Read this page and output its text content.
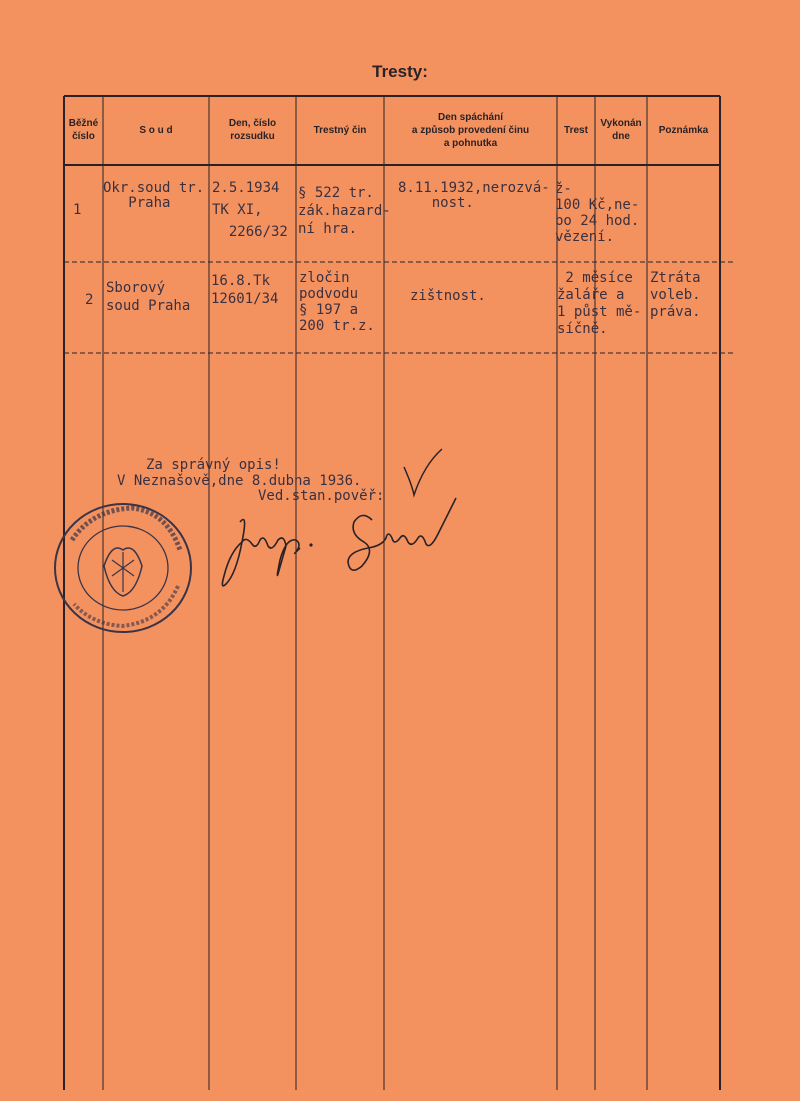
Tresty:
Běžné
číslo
S o u d
Den, číslo
rozsudku
Trestný čin
Den spáchání
a způsob provedení činu
a pohnutka
Trest
Vykonán
dne
Poznámka
1
Okr.soud tr.
Praha
2.5.1934
TK XI,
2266/32
§ 522 tr.
zák.hazard-
ní hra.
8.11.1932,nerozvá-
nost.
ž-
100 Kč,ne-
bo 24 hod.
vězení.
2
Sborový
soud Praha
16.8.Tk
12601/34
zločin
podvodu
§ 197 a
200 tr.z.
zištnost.
2 měsíce
žaláře a
1 půst mě-
síčně.
Ztráta
voleb.
práva.
Za správný opis!
V Neznašově,dne 8.dubna 1936.
Ved.stan.pověř:
